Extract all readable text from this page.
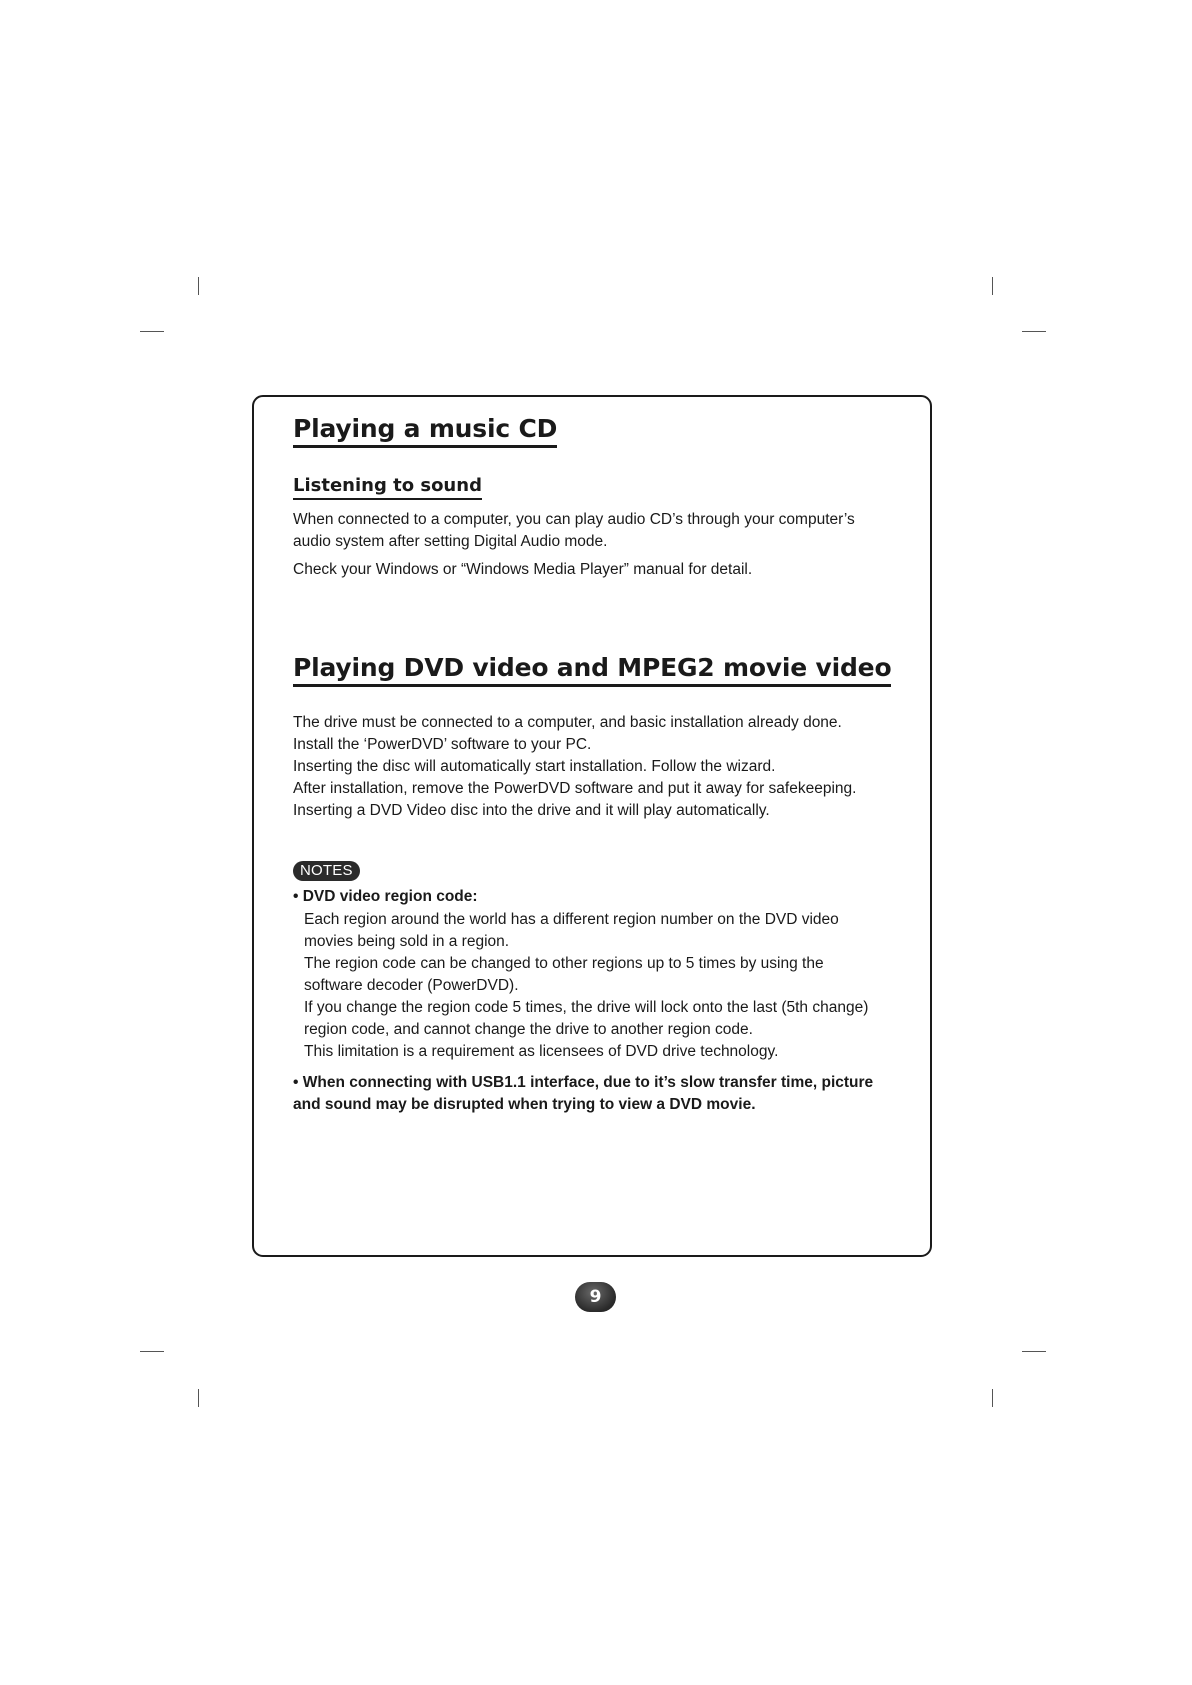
Playing a music CD
Listening to sound
When connected to a computer, you can play audio CD’s through your computer’s
audio system after setting Digital Audio mode.
Check your Windows or “Windows Media Player” manual for detail.
Playing DVD video and MPEG2 movie video
The drive must be connected to a computer, and basic installation already done.
Install the ‘PowerDVD’ software to your PC.
Inserting the disc will automatically start installation. Follow the wizard.
After installation, remove the PowerDVD software and put it away for safekeeping.
Inserting a DVD Video disc into the drive and it will play automatically.
NOTES
• DVD video region code:
Each region around the world has a different region number on the DVD video
movies being sold in a region.
The region code can be changed to other regions up to 5 times by using the
software decoder (PowerDVD).
If you change the region code 5 times, the drive will lock onto the last (5th change)
region code, and cannot change the drive to another region code.
This limitation is a requirement as licensees of DVD drive technology.
• When connecting with USB1.1 interface, due to it’s slow transfer time, picture
and sound may be disrupted when trying to view a DVD movie.
9
